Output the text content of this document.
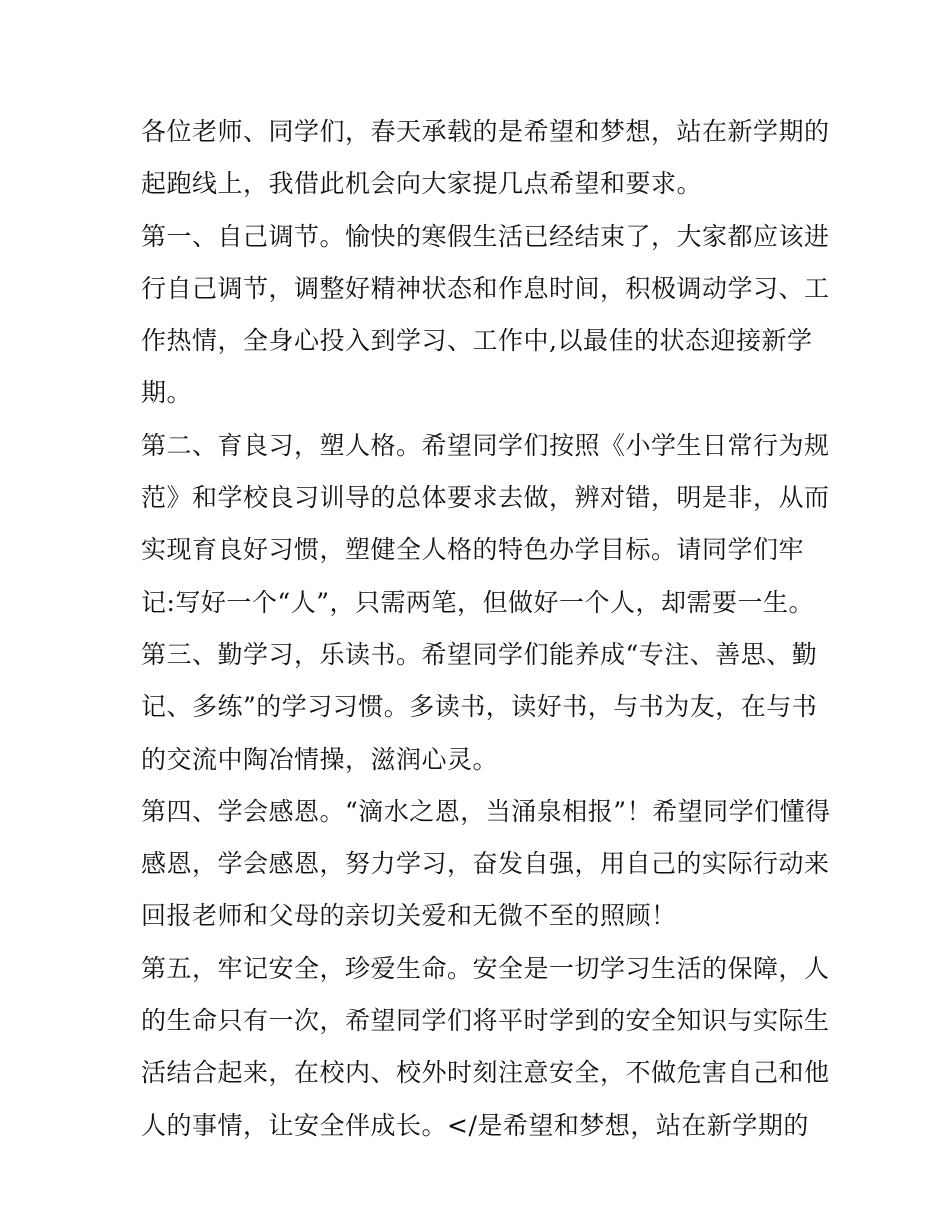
各位老师、同学们，春天承载的是希望和梦想，站在新学期的
起跑线上，我借此机会向大家提几点希望和要求。
第一、自己调节。愉快的寒假生活已经结束了，大家都应该进
行自己调节，调整好精神状态和作息时间，积极调动学习、工
作热情，全身心投入到学习、工作中,以最佳的状态迎接新学
期。
第二、育良习，塑人格。希望同学们按照《小学生日常行为规
范》和学校良习训导的总体要求去做，辨对错，明是非，从而
实现育良好习惯，塑健全人格的特色办学目标。请同学们牢
记:写好一个“人”，只需两笔，但做好一个人，却需要一生。
第三、勤学习，乐读书。希望同学们能养成“专注、善思、勤
记、多练”的学习习惯。多读书，读好书，与书为友，在与书
的交流中陶冶情操，滋润心灵。
第四、学会感恩。“滴水之恩，当涌泉相报”！希望同学们懂得
感恩，学会感恩，努力学习，奋发自强，用自己的实际行动来
回报老师和父母的亲切关爱和无微不至的照顾！
第五，牢记安全，珍爱生命。安全是一切学习生活的保障，人
的生命只有一次，希望同学们将平时学到的安全知识与实际生
活结合起来，在校内、校外时刻注意安全，不做危害自己和他
人的事情，让安全伴成长。</是希望和梦想，站在新学期的
